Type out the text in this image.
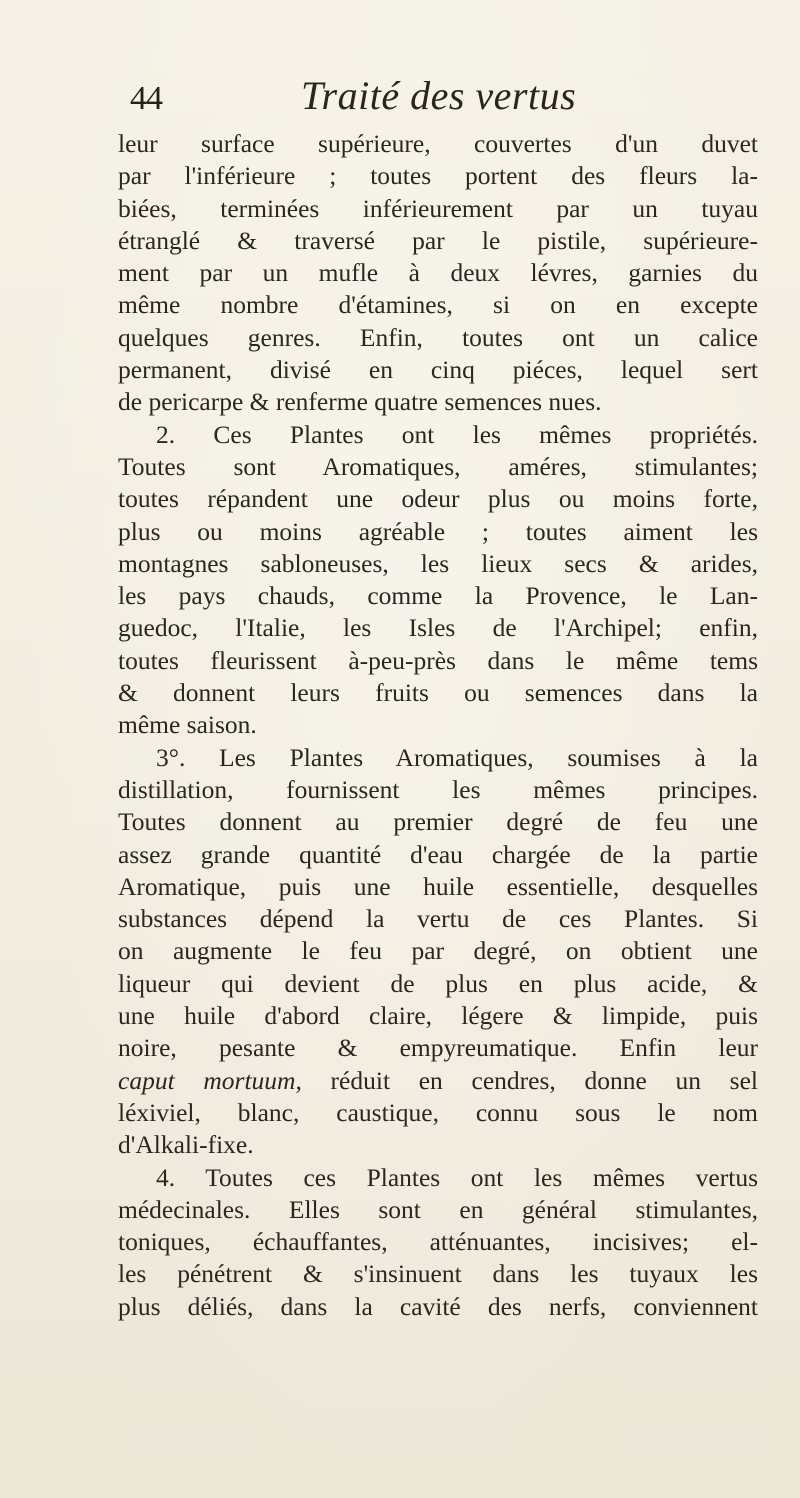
44	Traité des vertus
leur surface supérieure, couvertes d'un duvet
par l'inférieure ; toutes portent des fleurs la-
biées, terminées inférieurement par un tuyau
étranglé & traversé par le pistile, supérieure-
ment par un mufle à deux lévres, garnies du
même nombre d'étamines, si on en excepte
quelques genres. Enfin, toutes ont un calice
permanent, divisé en cinq piéces, lequel sert
de pericarpe & renferme quatre semences nues.
2. Ces Plantes ont les mêmes propriétés.
Toutes sont Aromatiques, améres, stimulantes;
toutes répandent une odeur plus ou moins forte,
plus ou moins agréable ; toutes aiment les
montagnes sabloneuses, les lieux secs & arides,
les pays chauds, comme la Provence, le Lan-
guedoc, l'Italie, les Isles de l'Archipel; enfin,
toutes fleurissent à-peu-près dans le même tems
& donnent leurs fruits ou semences dans la
même saison.
3°. Les Plantes Aromatiques, soumises à la
distillation, fournissent les mêmes principes.
Toutes donnent au premier degré de feu une
assez grande quantité d'eau chargée de la partie
Aromatique, puis une huile essentielle, desquelles
substances dépend la vertu de ces Plantes. Si
on augmente le feu par degré, on obtient une
liqueur qui devient de plus en plus acide, &
une huile d'abord claire, légere & limpide, puis
noire, pesante & empyreumatique. Enfin leur
caput mortuum, réduit en cendres, donne un sel
léxiviel, blanc, caustique, connu sous le nom
d'Alkali-fixe.
4. Toutes ces Plantes ont les mêmes vertus
médecinales. Elles sont en général stimulantes,
toniques, échauffantes, atténuantes, incisives; el-
les pénétrent & s'insinuent dans les tuyaux les
plus déliés, dans la cavité des nerfs, conviennent
